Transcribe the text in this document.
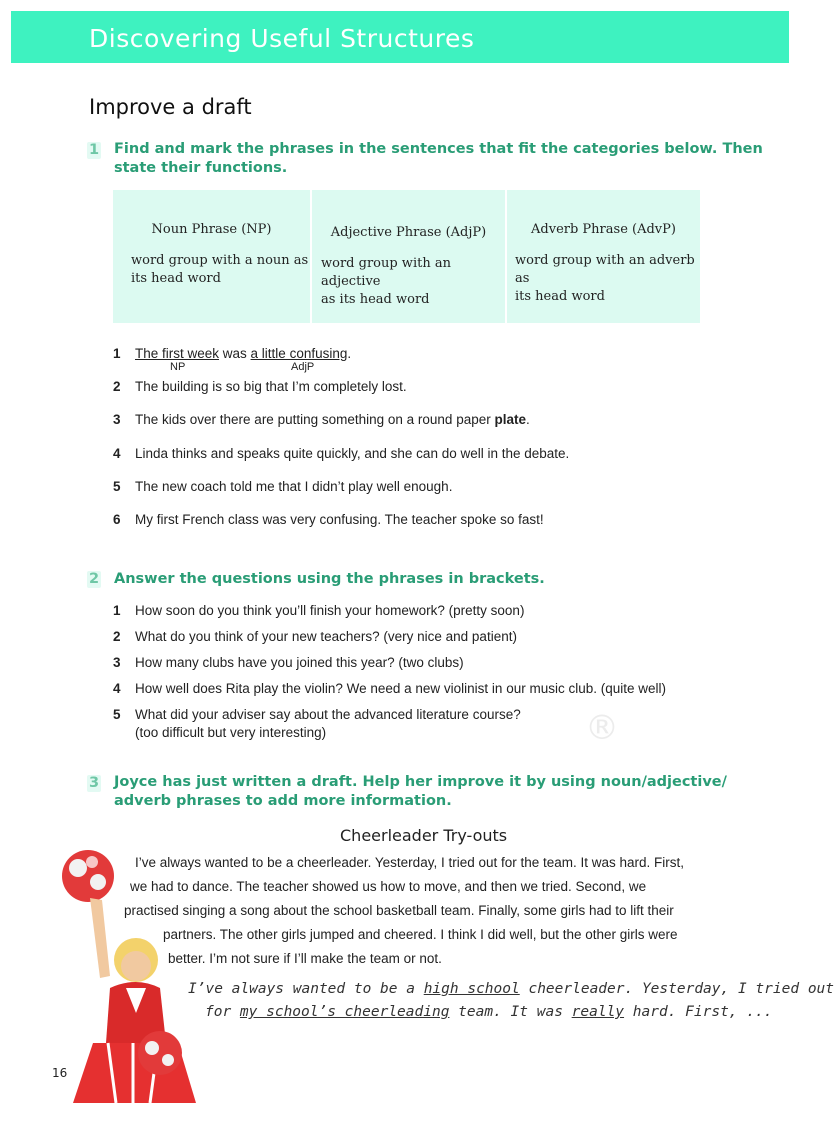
Discovering Useful Structures
Improve a draft
1 Find and mark the phrases in the sentences that fit the categories below. Then
state their functions.
Noun Phrase (NP)
word group with a noun as
its head word
Adjective Phrase (AdjP)
word group with an adjective
as its head word
Adverb Phrase (AdvP)
word group with an adverb as
its head word
1 The first week was a little confusing.
NP	AdjP
2 The building is so big that I’m completely lost.
3 The kids over there are putting something on a round paper plate.
4 Linda thinks and speaks quite quickly, and she can do well in the debate.
5 The new coach told me that I didn’t play well enough.
6 My first French class was very confusing. The teacher spoke so fast!
2 Answer the questions using the phrases in brackets.
1 How soon do you think you’ll finish your homework? (pretty soon)
2 What do you think of your new teachers? (very nice and patient)
3 How many clubs have you joined this year? (two clubs)
4 How well does Rita play the violin? We need a new violinist in our music club. (quite well)
5 What did your adviser say about the advanced literature course?
(too difficult but very interesting)	®
3 Joyce has just written a draft. Help her improve it by using noun/adjective/
adverb phrases to add more information.
Cheerleader Try-outs
I’ve always wanted to be a cheerleader. Yesterday, I tried out for the team. It was hard. First,
we had to dance. The teacher showed us how to move, and then we tried. Second, we
practised singing a song about the school basketball team. Finally, some girls had to lift their
partners. The other girls jumped and cheered. I think I did well, but the other girls were
better. I’m not sure if I’ll make the team or not.
I’ve always wanted to be a high school cheerleader. Yesterday, I tried out
for my school’s cheerleading team. It was really hard. First, ...
16
